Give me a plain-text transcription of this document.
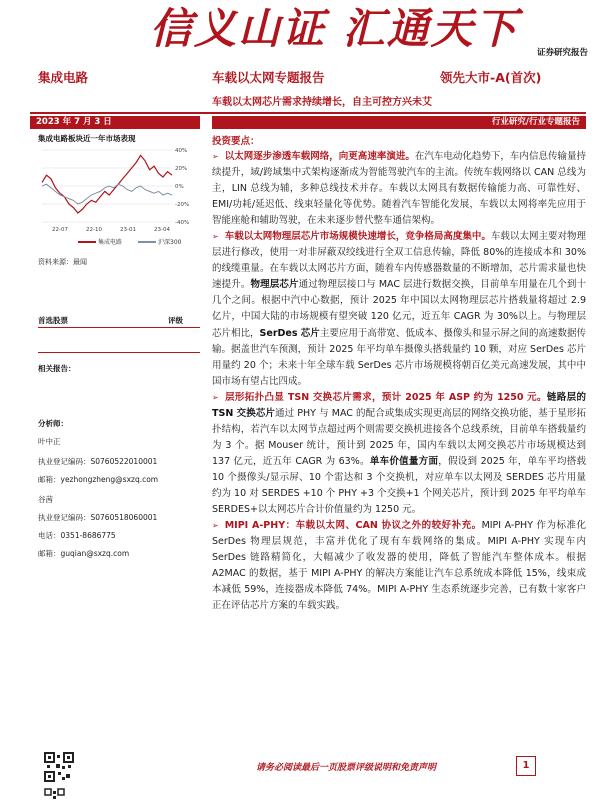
信义山证 汇通天下 证券研究报告
集成电路	车载以太网专题报告	领先大市-A(首次)
车载以太网芯片需求持续增长，自主可控方兴未艾
2023 年 7 月 3 日	行业研究/行业专题报告
集成电路板块近一年市场表现
22-07	22-10	23-01	23-04
40%
20%
0%
-20%
-40%
集成电路	沪深300
资料来源：最闻
首选股票	评级
相关报告：
分析师：
叶中正
执业登记编码：S0760522010001
邮箱：yezhongzheng@sxzq.com
谷茜
执业登记编码：S0760518060001
电话：0351-8686775
邮箱：guqian@sxzq.com
投资要点：

➢ 以太网逐步渗透车载网络，向更高速率演进。在汽车电动化趋势下，车内信息传输量持续提升，域/跨域集中式架构逐渐成为智能驾驶汽车的主流。传统车载网络以 CAN 总线为主，LIN 总线为辅，多种总线技术并存。车载以太网具有数据传输能力高、可靠性好、EMI/功耗/延迟低、线束轻量化等优势。随着汽车智能化发展，车载以太网将率先应用于智能座舱和辅助驾驶，在未来逐步替代整车通信架构。

➢ 车载以太网物理层芯片市场规模快速增长，竞争格局高度集中。车载以太网主要对物理层进行修改，使用一对非屏蔽双绞线进行全双工信息传输，降低 80%的连接成本和 30%的线缆重量。在车载以太网芯片方面，随着车内传感器数量的不断增加，芯片需求量也快速提升。物理层芯片通过物理层接口与 MAC 层进行数据交换，目前单车用量在几个到十几个之间。根据中汽中心数据，预计 2025 年中国以太网物理层芯片搭载量将超过 2.9 亿片，中国大陆的市场规模有望突破 120 亿元，近五年 CAGR 为 30%以上。与物理层芯片相比，SerDes 芯片主要应用于高带宽、低成本、摄像头和显示屏之间的高速数据传输。据盖世汽车预测，预计 2025 年平均单车摄像头搭载量约 10 颗，对应 SerDes 芯片用量约 20 个；未来十年全球车载 SerDes 芯片市场规模将朝百亿美元高速发展，其中中国市场有望占比四成。

➢ 层形拓扑凸显 TSN 交换芯片需求，预计 2025 年 ASP 约为 1250 元。链路层的 TSN 交换芯片通过 PHY 与 MAC 的配合或集成实现更高层的网络交换功能，基于星形拓扑结构，若汽车以太网节点超过两个则需要交换机进接各个总线系统，目前单车搭载量约为 3 个。据 Mouser 统计，预计到 2025 年，国内车载以太网交换芯片市场规模达到 137 亿元，近五年 CAGR 为 63%。单车价值量方面，假设到 2025 年，单车平均搭载 10 个摄像头/显示屏、10 个雷达和 3 个交换机，对应单车以太网及 SERDES 芯片用量约为 10 对 SERDES +10 个 PHY +3 个交换+1 个网关芯片，预计到 2025 年平均单车 SERDES+以太网芯片合计价值量约为 1250 元。

➢ MIPI A-PHY：车载以太网、CAN 协议之外的较好补充。MIPI A-PHY 作为标准化 SerDes 物理层规范，丰富并优化了现有车载网络的集成。MIPI A-PHY 实现车内 SerDes 链路精简化，大幅减少了收发器的使用，降低了智能汽车整体成本。根据 A2MAC 的数据，基于 MIPI A-PHY 的解决方案能让汽车总系统成本降低 15%，线束成本减低 59%，连接器成本降低 74%。MIPI A-PHY 生态系统逐步完善，已有数十家客户正在评估芯片方案的车载实践。

请务必阅读最后一页股票评级说明和免责声明	1
